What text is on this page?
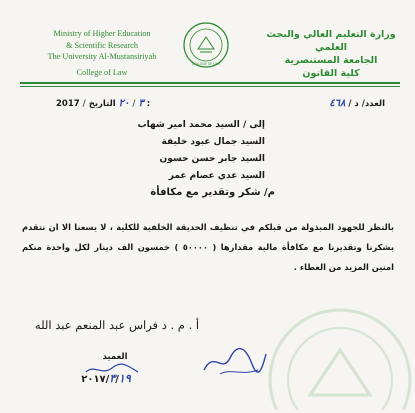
Ministry of Higher Education
& Scientific Research
The University Al-Mustansiriyah
College of Law
COLLEGE OF LAW
وزارة التعليم العالي والبحث العلمي
الجامعة المستنصرية
كلية القانون
2017 /	٣ / ٢٠ التاريخ :	العدد/ د / ٤٦٨
إلى / السيد محمد امير شهاب
السيد جمال عبود خليفة
السيد جابر حسن حسون
السيد عدي عصام عمر
م/ شكر وتقدير مع مكافأة
بالنظر للجهود المبذولة من قبلكم في تنظيف الحديقة الخلفية للكلية ، لا يسعنا الا ان نتقدم بشكرنا وتقديرنا مع مكافأة مالية مقدارها ( ٥٠٠٠٠ ) خمسون الف دينار لكل واحدة منكم امنين المزيد من العطاء .
أ . م . د فراس عبد المنعم عبد الله
العميد
٢٠١٧/٣/١٩
